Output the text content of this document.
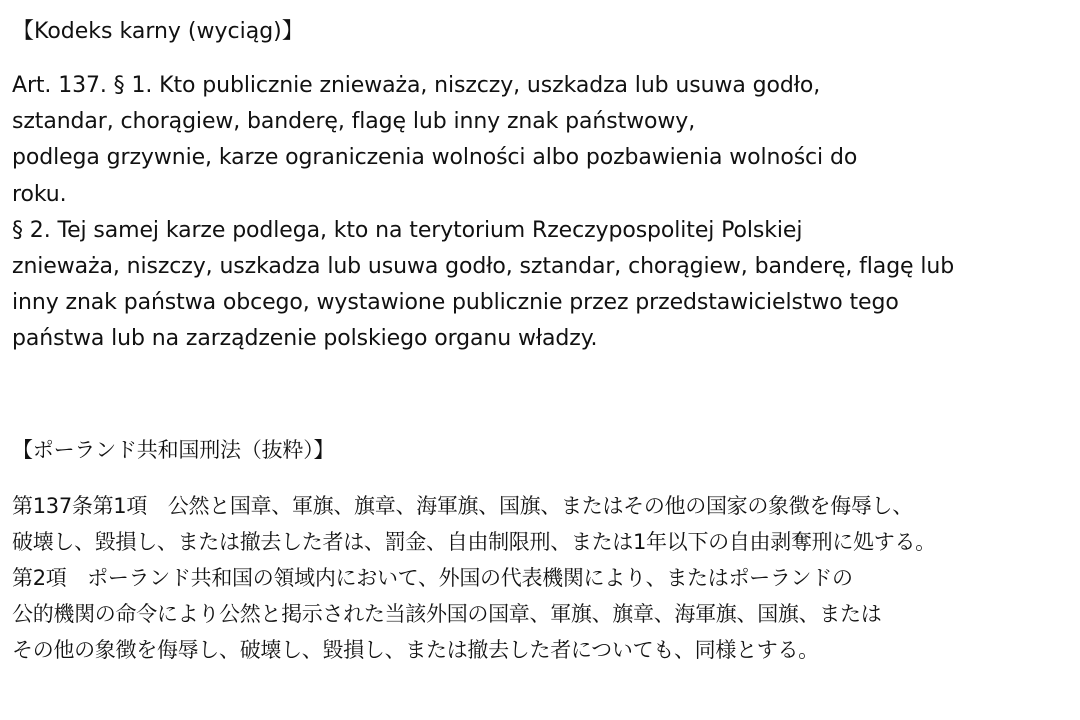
【Kodeks karny (wyciąg)】
Art. 137. § 1. Kto publicznie znieważa, niszczy, uszkadza lub usuwa godło,
sztandar, chorągiew, banderę, flagę lub inny znak państwowy,
podlega grzywnie, karze ograniczenia wolności albo pozbawienia wolności do
roku.
§ 2. Tej samej karze podlega, kto na terytorium Rzeczypospolitej Polskiej
znieważa, niszczy, uszkadza lub usuwa godło, sztandar, chorągiew, banderę, flagę lub
inny znak państwa obcego, wystawione publicznie przez przedstawicielstwo tego
państwa lub na zarządzenie polskiego organu władzy.
【ポーランド共和国刑法（抜粋）】
第137条第1項　公然と国章、軍旗、旗章、海軍旗、国旗、またはその他の国家の象徴を侮辱し、
破壊し、毀損し、または撤去した者は、罰金、自由制限刑、または1年以下の自由剥奪刑に処する。
第2項　ポーランド共和国の領域内において、外国の代表機関により、またはポーランドの
公的機関の命令により公然と掲示された当該外国の国章、軍旗、旗章、海軍旗、国旗、または
その他の象徴を侮辱し、破壊し、毀損し、または撤去した者についても、同様とする。
